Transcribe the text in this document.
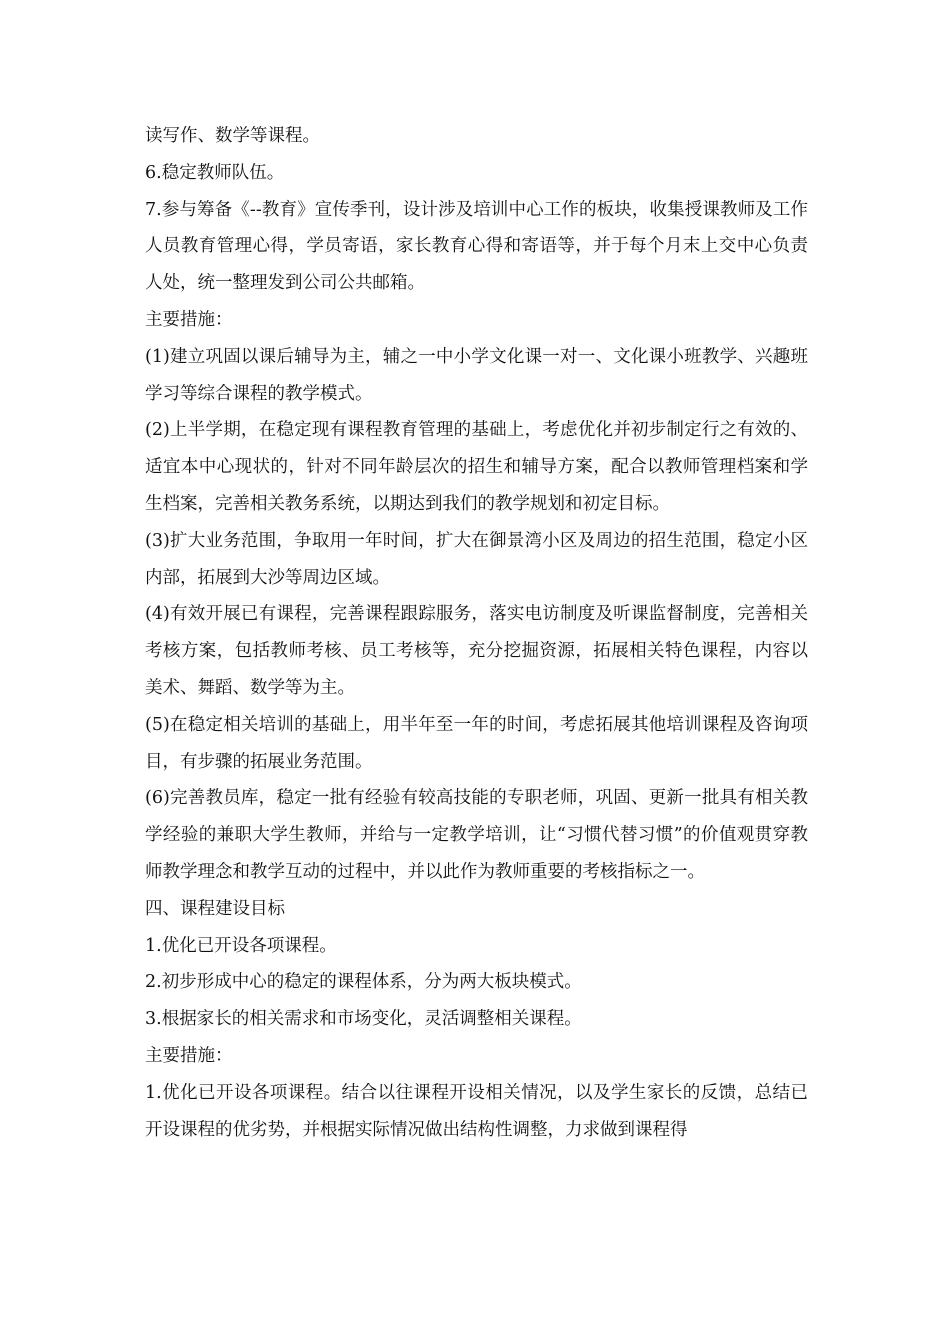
读写作、数学等课程。

6.稳定教师队伍。

7.参与筹备《--教育》宣传季刊，设计涉及培训中心工作的板块，收集授课教师及工作人员教育管理心得，学员寄语，家长教育心得和寄语等，并于每个月末上交中心负责人处，统一整理发到公司公共邮箱。

主要措施：

(1)建立巩固以课后辅导为主，辅之一中小学文化课一对一、文化课小班教学、兴趣班学习等综合课程的教学模式。

(2)上半学期，在稳定现有课程教育管理的基础上，考虑优化并初步制定行之有效的、适宜本中心现状的，针对不同年龄层次的招生和辅导方案，配合以教师管理档案和学生档案，完善相关教务系统，以期达到我们的教学规划和初定目标。

(3)扩大业务范围，争取用一年时间，扩大在御景湾小区及周边的招生范围，稳定小区内部，拓展到大沙等周边区域。

(4)有效开展已有课程，完善课程跟踪服务，落实电访制度及听课监督制度，完善相关考核方案，包括教师考核、员工考核等，充分挖掘资源，拓展相关特色课程，内容以美术、舞蹈、数学等为主。

(5)在稳定相关培训的基础上，用半年至一年的时间，考虑拓展其他培训课程及咨询项目，有步骤的拓展业务范围。

(6)完善教员库，稳定一批有经验有较高技能的专职老师，巩固、更新一批具有相关教学经验的兼职大学生教师，并给与一定教学培训，让“习惯代替习惯”的价值观贯穿教师教学理念和教学互动的过程中，并以此作为教师重要的考核指标之一。

四、课程建设目标

1.优化已开设各项课程。

2.初步形成中心的稳定的课程体系，分为两大板块模式。

3.根据家长的相关需求和市场变化，灵活调整相关课程。

主要措施：

1.优化已开设各项课程。结合以往课程开设相关情况，以及学生家长的反馈，总结已开设课程的优劣势，并根据实际情况做出结构性调整，力求做到课程得
